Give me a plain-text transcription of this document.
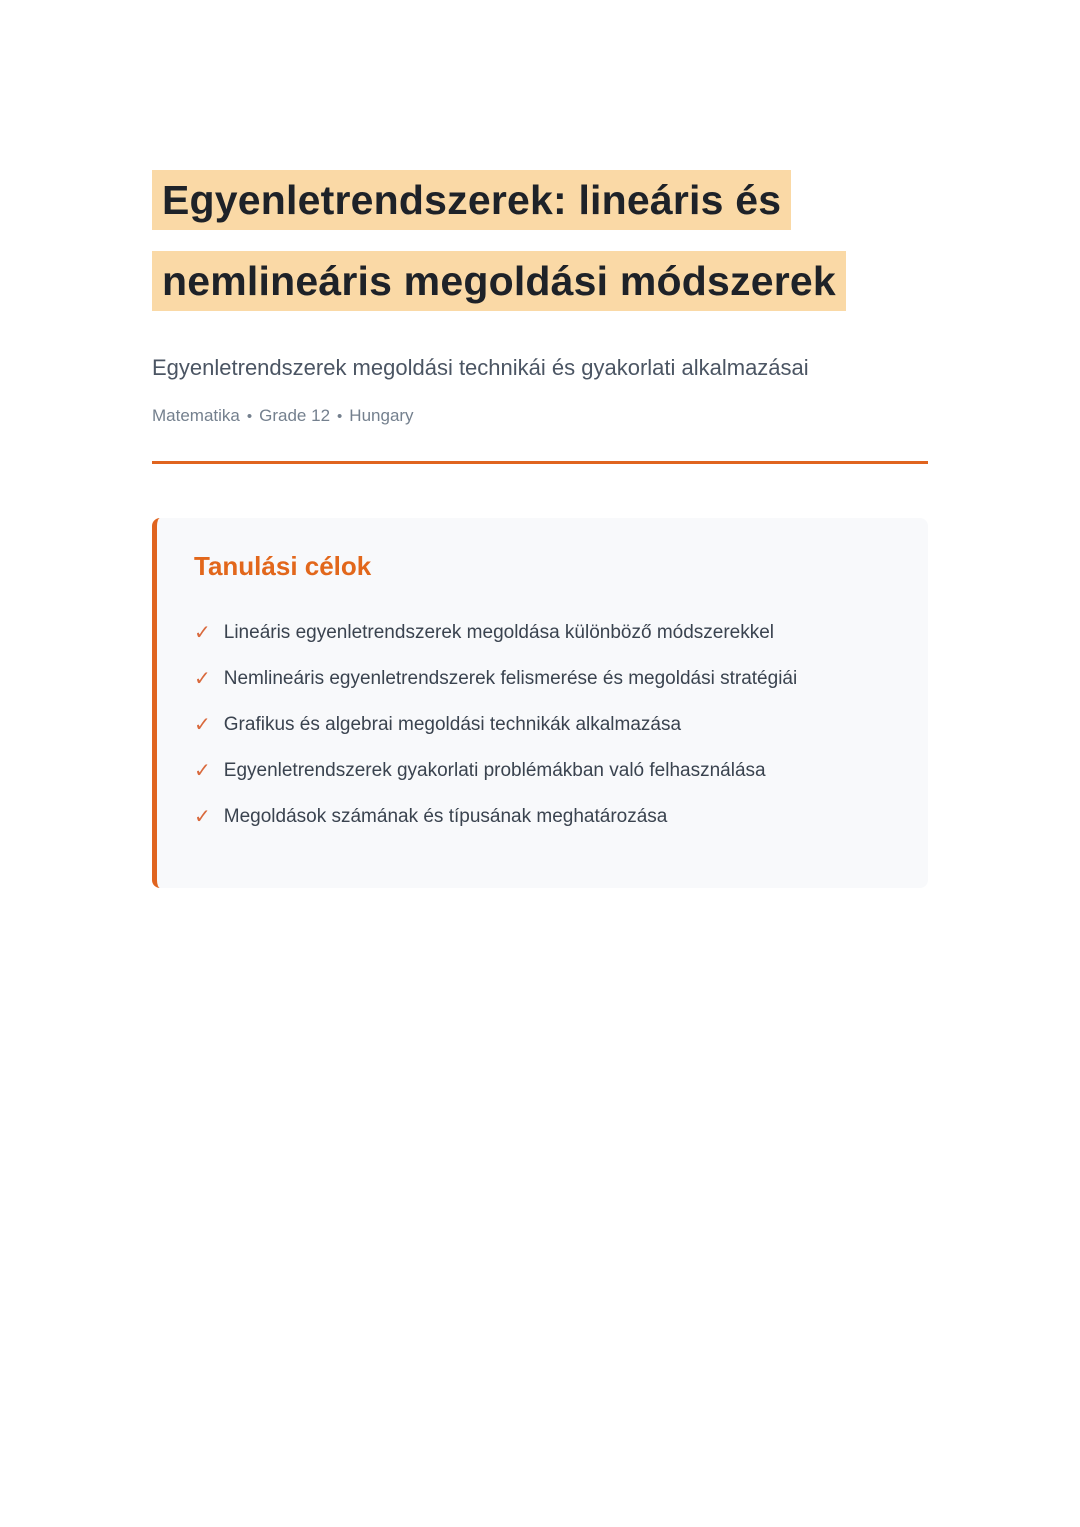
Egyenletrendszerek: lineáris és nemlineáris megoldási módszerek

Egyenletrendszerek megoldási technikái és gyakorlati alkalmazásai

Matematika • Grade 12 • Hungary
Tanulási célok
✓ Lineáris egyenletrendszerek megoldása különböző módszerekkel
✓ Nemlineáris egyenletrendszerek felismerése és megoldási stratégiái
✓ Grafikus és algebrai megoldási technikák alkalmazása
✓ Egyenletrendszerek gyakorlati problémákban való felhasználása
✓ Megoldások számának és típusának meghatározása
